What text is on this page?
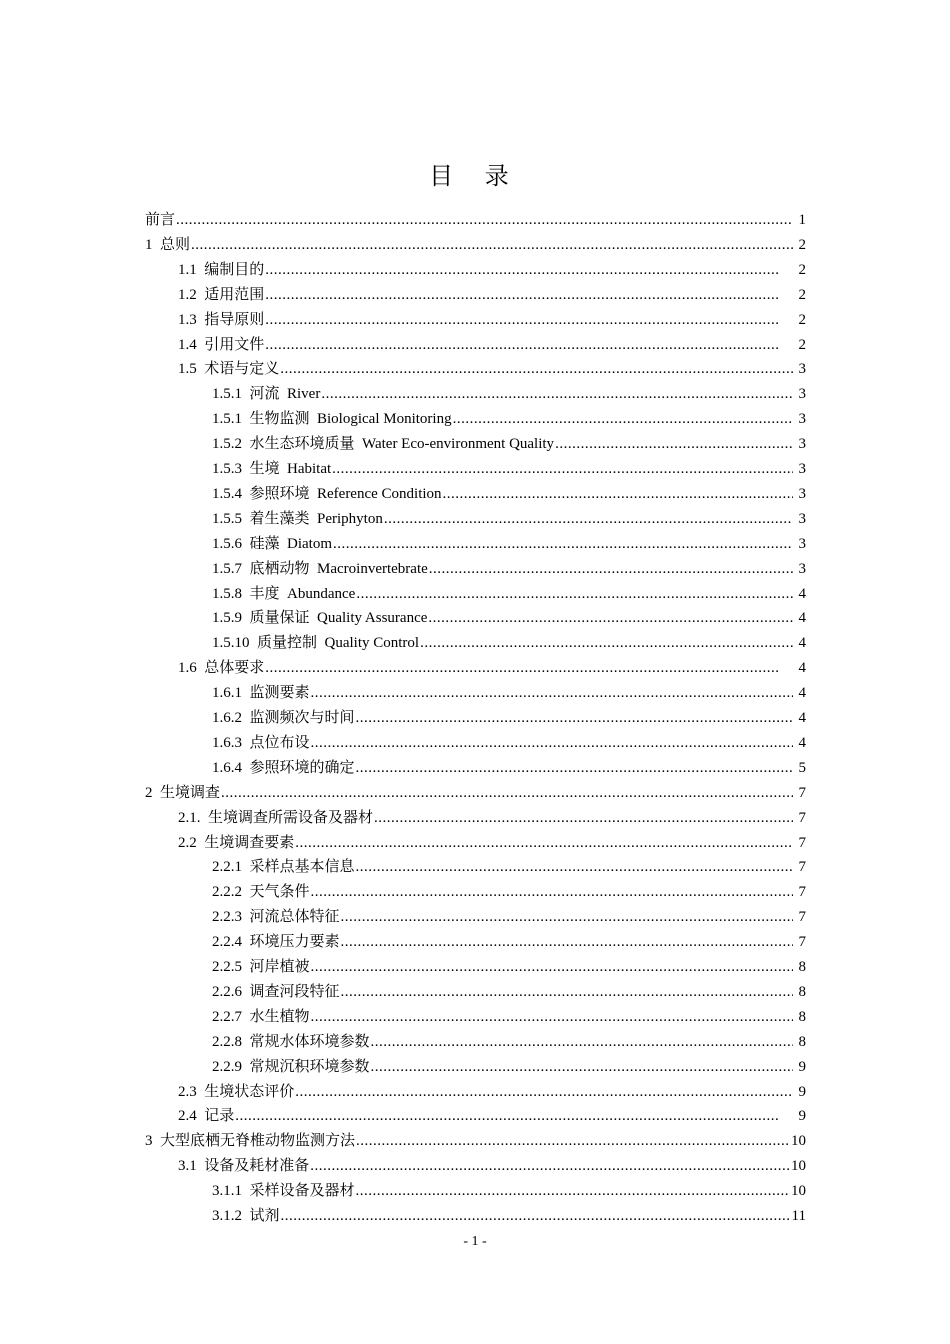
目 录
前言 .....	1
1  总则 .....	2
1.1  编制目的 .....	2
1.2  适用范围 .....	2
1.3  指导原则 .....	2
1.4  引用文件 .....	2
1.5  术语与定义 .....	3
1.5.1  河流  River .....	3
1.5.1  生物监测  Biological Monitoring .....	3
1.5.2  水生态环境质量  Water Eco-environment Quality .....	3
1.5.3  生境  Habitat .....	3
1.5.4  参照环境  Reference Condition .....	3
1.5.5  着生藻类  Periphyton .....	3
1.5.6  硅藻  Diatom .....	3
1.5.7  底栖动物  Macroinvertebrate .....	3
1.5.8  丰度  Abundance .....	4
1.5.9  质量保证  Quality Assurance .....	4
1.5.10  质量控制  Quality Control .....	4
1.6  总体要求 .....	4
1.6.1  监测要素 .....	4
1.6.2  监测频次与时间 .....	4
1.6.3  点位布设 .....	4
1.6.4  参照环境的确定 .....	5
2  生境调查 .....	7
2.1.  生境调查所需设备及器材 .....	7
2.2  生境调查要素 .....	7
2.2.1  采样点基本信息 .....	7
2.2.2  天气条件 .....	7
2.2.3  河流总体特征 .....	7
2.2.4  环境压力要素 .....	7
2.2.5  河岸植被 .....	8
2.2.6  调查河段特征 .....	8
2.2.7  水生植物 .....	8
2.2.8  常规水体环境参数 .....	8
2.2.9  常规沉积环境参数 .....	9
2.3  生境状态评价 .....	9
2.4  记录 .....	9
3  大型底栖无脊椎动物监测方法 .....	10
3.1  设备及耗材准备 .....	10
3.1.1  采样设备及器材 .....	10
3.1.2  试剂 .....	11
- 1 -
